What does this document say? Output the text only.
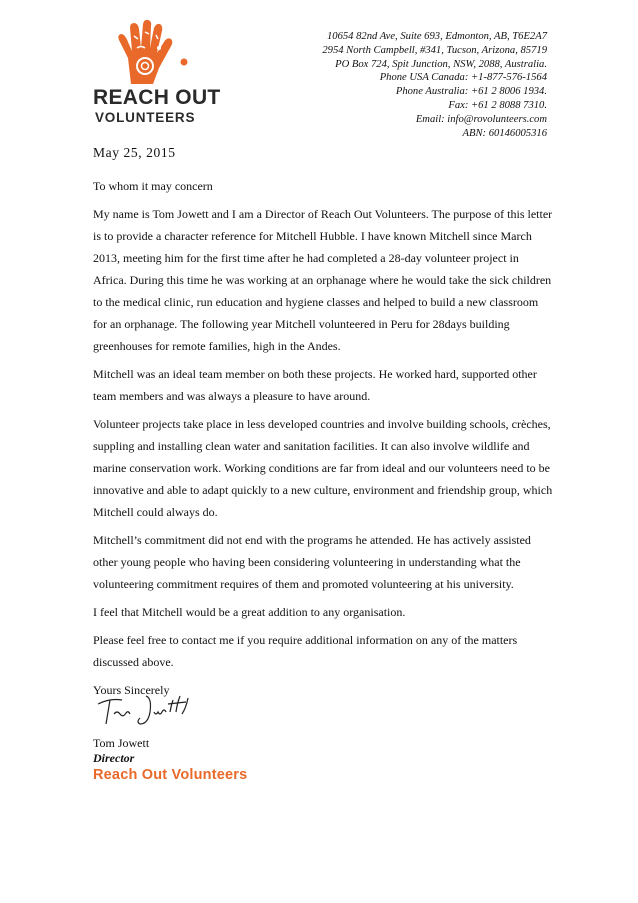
REACH OUT
VOLUNTEERS
10654 82nd Ave, Suite 693, Edmonton, AB, T6E2A7
2954 North Campbell, #341, Tucson, Arizona, 85719
PO Box 724, Spit Junction, NSW, 2088, Australia.
Phone USA Canada: +1-877-576-1564
Phone Australia: +61 2 8006 1934.
Fax: +61 2 8088 7310.
Email: info@rovolunteers.com
ABN: 60146005316
May 25, 2015

To whom it may concern

My name is Tom Jowett and I am a Director of Reach Out Volunteers. The purpose of this letter is to provide a character reference for Mitchell Hubble. I have known Mitchell since March 2013, meeting him for the first time after he had completed a 28-day volunteer project in Africa. During this time he was working at an orphanage where he would take the sick children to the medical clinic, run education and hygiene classes and helped to build a new classroom for an orphanage. The following year Mitchell volunteered in Peru for 28days building greenhouses for remote families, high in the Andes.

Mitchell was an ideal team member on both these projects. He worked hard, supported other team members and was always a pleasure to have around.

Volunteer projects take place in less developed countries and involve building schools, crèches, suppling and installing clean water and sanitation facilities. It can also involve wildlife and marine conservation work. Working conditions are far from ideal and our volunteers need to be innovative and able to adapt quickly to a new culture, environment and friendship group, which Mitchell could always do.

Mitchell’s commitment did not end with the programs he attended. He has actively assisted other young people who having been considering volunteering in understanding what the volunteering commitment requires of them and promoted volunteering at his university.

I feel that Mitchell would be a great addition to any organisation.

Please feel free to contact me if you require additional information on any of the matters discussed above.

Yours Sincerely

Tom Jowett
Director
Reach Out Volunteers
